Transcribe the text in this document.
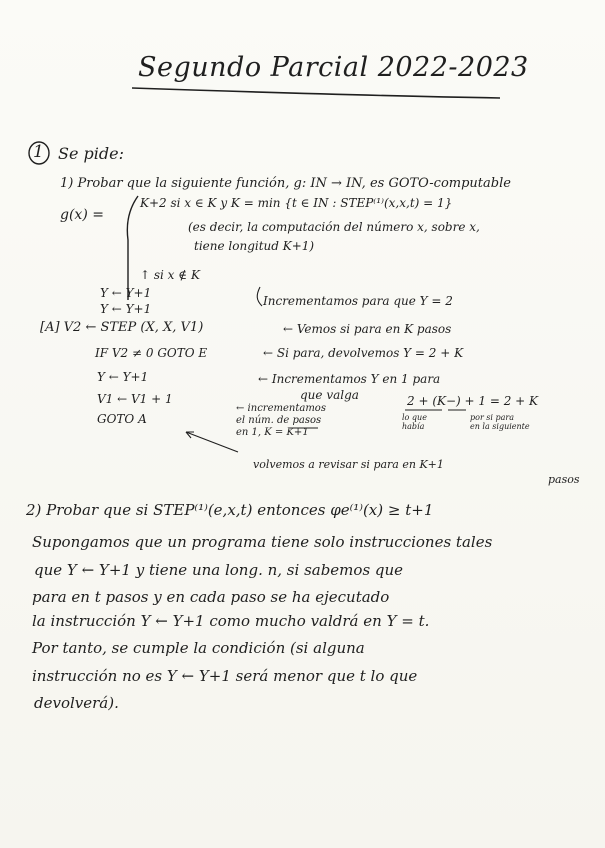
Segundo Parcial 2022-2023
1 Se pide:
1) Probar que la siguiente función, g: IN → IN, es GOTO-computable
g(x) =
K+2 si x ∈ K y K = min {t ∈ IN : STEP⁽¹⁾(x,x,t) = 1}
(es decir, la computación del número x, sobre x,
tiene longitud K+1)
↑ si x ∉ K
Y ← Y+1
Y ← Y+1
Incrementamos para que Y = 2
[A] V2 ← STEP (X, X, V1)	← Vemos si para en K pasos
IF V2 ≠ 0 GOTO E	← Si para, devolvemos Y = 2 + K
Y ← Y+1	← Incrementamos Y en 1 para
V1 ← V1 + 1	que valga
GOTO A
2 + (K−) + 1 = 2 + K
lo que
había
por si para
en la siguiente
← incrementamos
el núm. de pasos
en 1, K = K+1
volvemos a revisar si para en K+1
pasos
2) Probar que si STEP⁽¹⁾(e,x,t) entonces φe⁽¹⁾(x) ≥ t+1
Supongamos que un programa tiene solo instrucciones tales
que Y ← Y+1 y tiene una long. n, si sabemos que
para en t pasos y en cada paso se ha ejecutado
la instrucción Y ← Y+1 como mucho valdrá en Y = t.
Por tanto, se cumple la condición (si alguna
instrucción no es Y ← Y+1 será menor que t lo que
devolverá).
